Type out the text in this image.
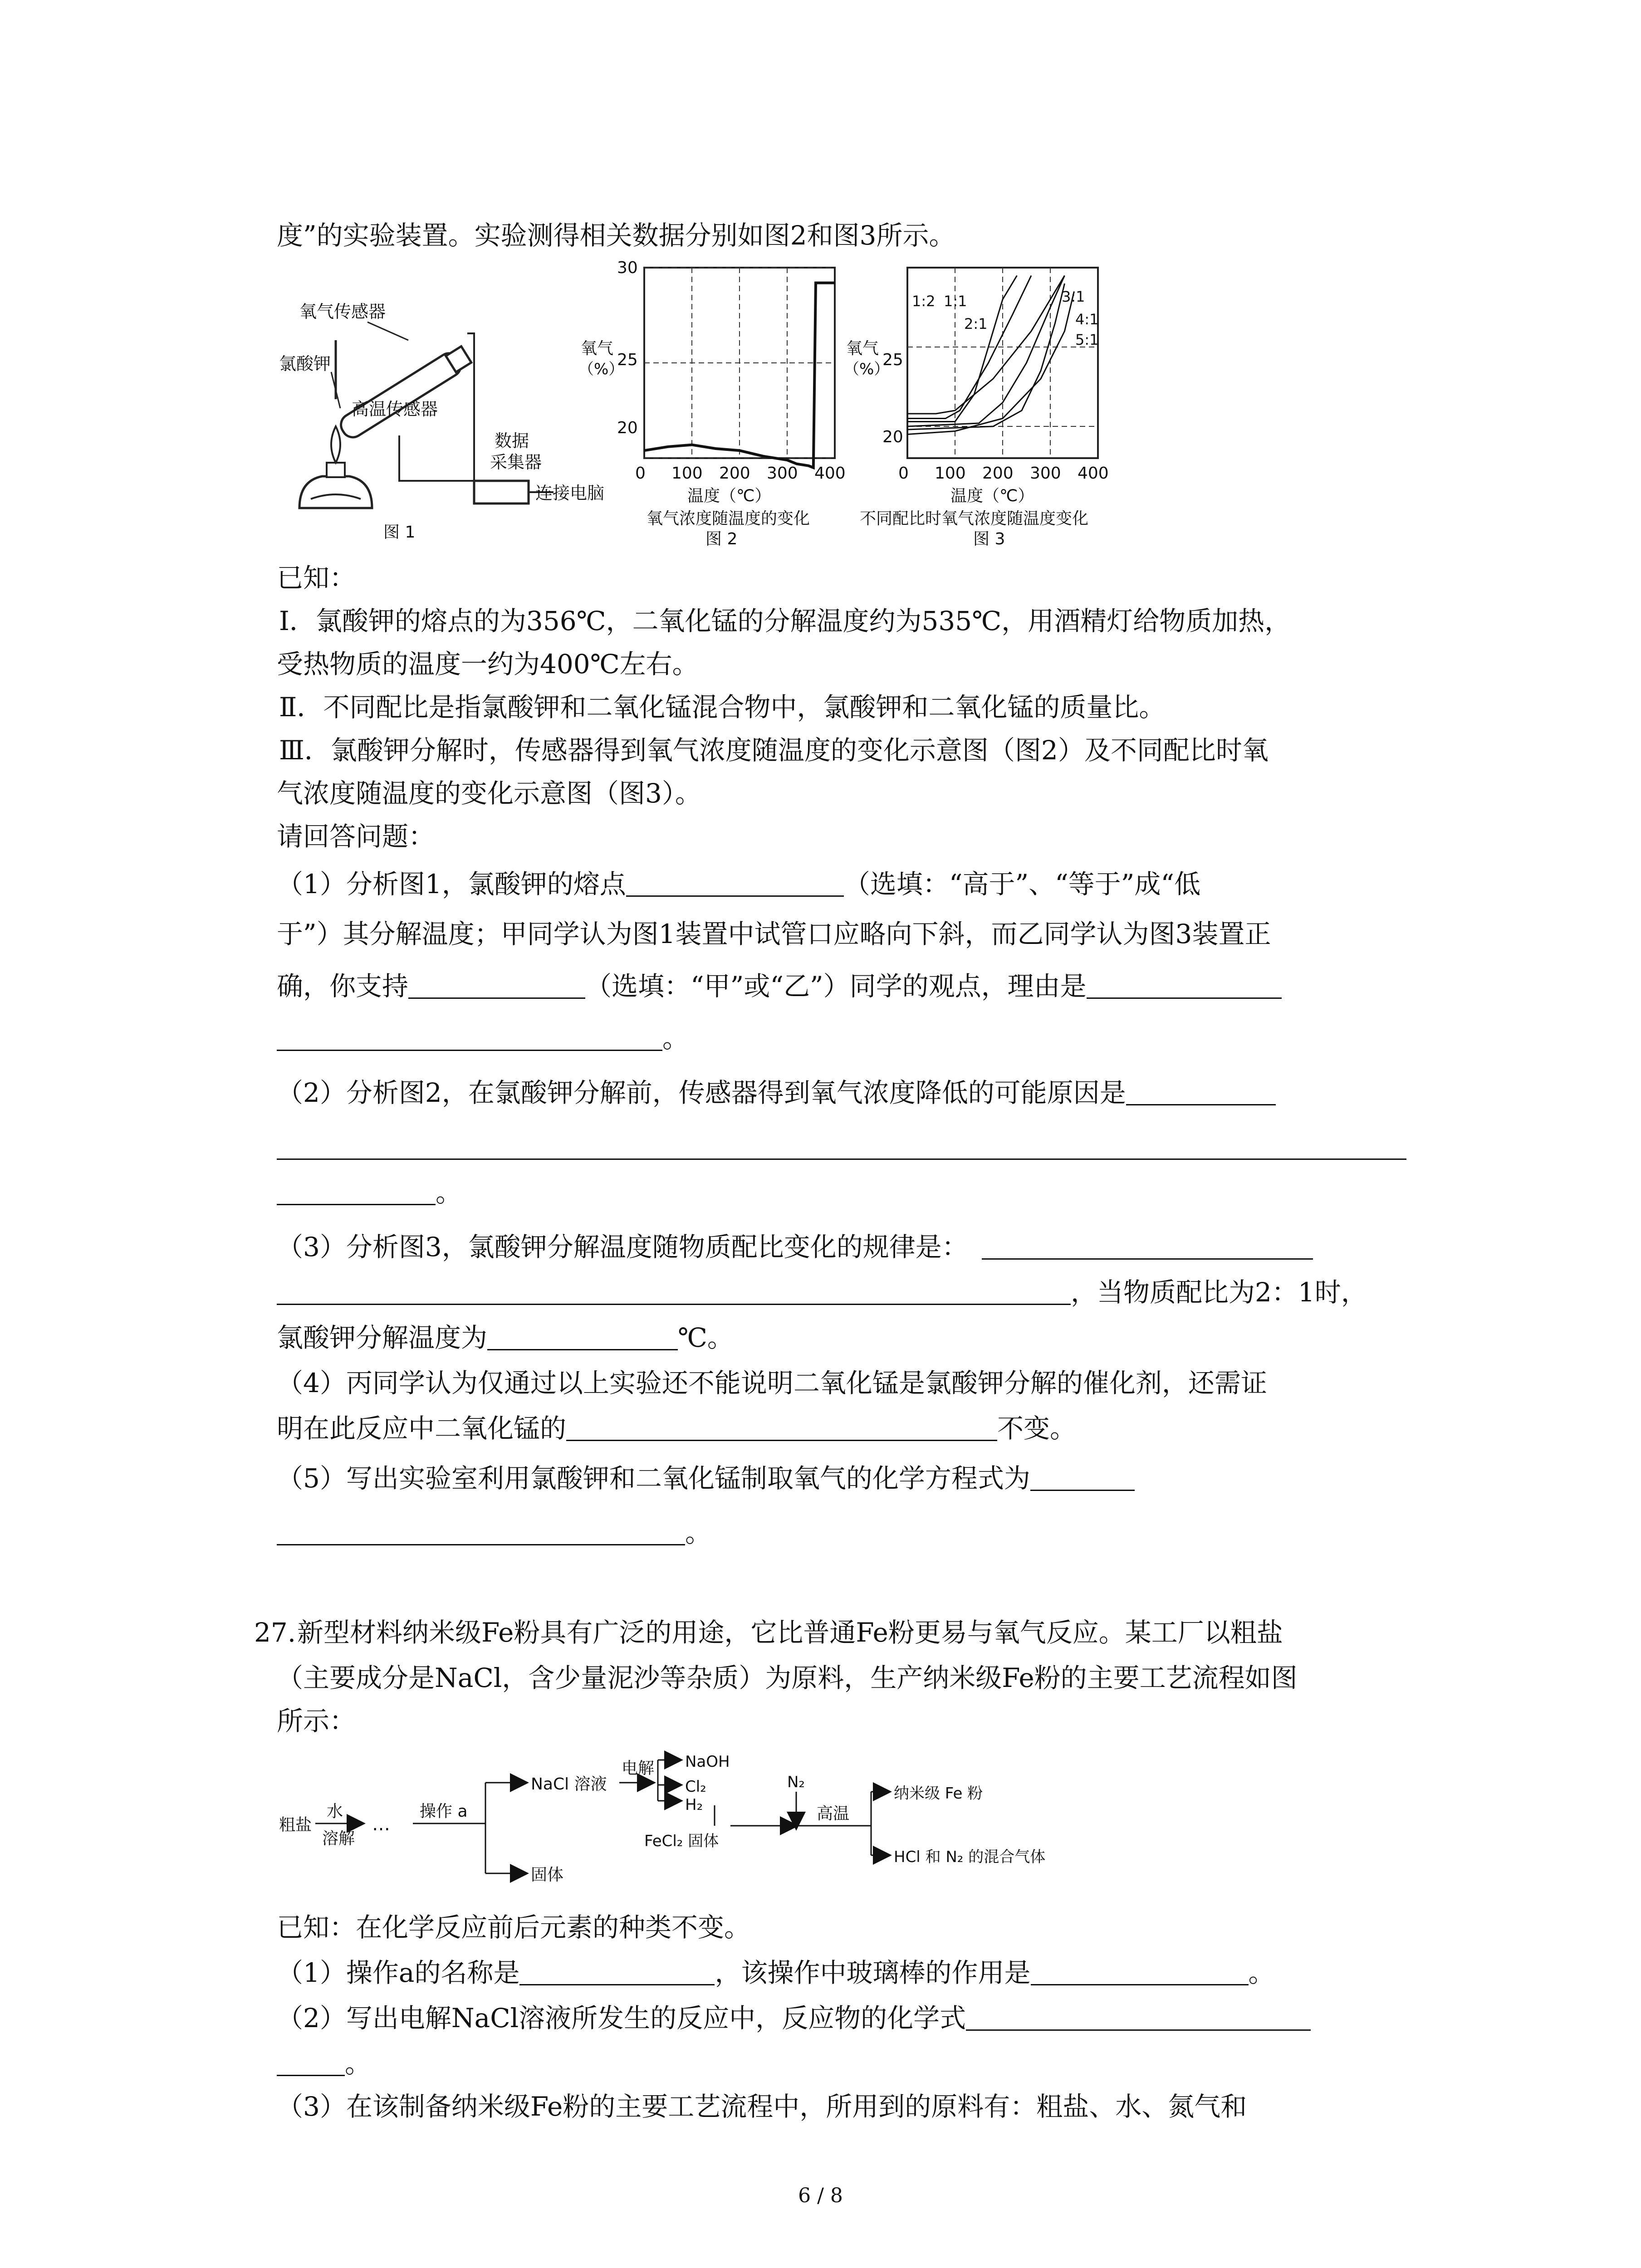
度”的实验装置。实验测得相关数据分别如图2和图3所示。
氧气传感器
氯酸钾
高温传感器
数据
采集器
连接电脑
图 1
30
25
20
氧气
（%）
0 100 200 300 400
温度（℃）
氧气浓度随温度的变化
图 2
25
20
氧气
（%）
1:2 1:1
2:1
3:1
4:1
5:1
0 100 200 300 400
温度（℃）
不同配比时氧气浓度随温度变化
图 3
已知：
Ⅰ．氯酸钾的熔点的为356℃，二氧化锰的分解温度约为535℃，用酒精灯给物质加热，
受热物质的温度一约为400℃左右。
Ⅱ．不同配比是指氯酸钾和二氧化锰混合物中，氯酸钾和二氧化锰的质量比。
Ⅲ．氯酸钾分解时，传感器得到氧气浓度随温度的变化示意图（图2）及不同配比时氧
气浓度随温度的变化示意图（图3）。
请回答问题：
（1）分析图1，氯酸钾的熔点	（选填：“高于”、“等于”成“低
于”）其分解温度；甲同学认为图1装置中试管口应略向下斜，而乙同学认为图3装置正
确，你支持	（选填：“甲”或“乙”）同学的观点，理由是
。
（2）分析图2，在氯酸钾分解前，传感器得到氧气浓度降低的可能原因是
。
（3）分析图3，氯酸钾分解温度随物质配比变化的规律是：
，当物质配比为2：1时，
氯酸钾分解温度为	℃。
（4）丙同学认为仅通过以上实验还不能说明二氧化锰是氯酸钾分解的催化剂，还需证
明在此反应中二氧化锰的	不变。
（5）写出实验室利用氯酸钾和二氧化锰制取氧气的化学方程式为
。
27. 新型材料纳米级Fe粉具有广泛的用途，它比普通Fe粉更易与氧气反应。某工厂以粗盐
（主要成分是NaCl，含少量泥沙等杂质）为原料，生产纳米级Fe粉的主要工艺流程如图
所示：
粗盐
水
溶解
…
操作 a
NaCl 溶液
电解 NaOH
Cl₂
H₂
FeCl₂ 固体
N₂
高温
纳米级 Fe 粉
HCl 和 N₂ 的混合气体
固体
已知：在化学反应前后元素的种类不变。
（1）操作a的名称是	，该操作中玻璃棒的作用是	。
（2）写出电解NaCl溶液所发生的反应中，反应物的化学式
。
（3）在该制备纳米级Fe粉的主要工艺流程中，所用到的原料有：粗盐、水、氮气和
6 / 8
